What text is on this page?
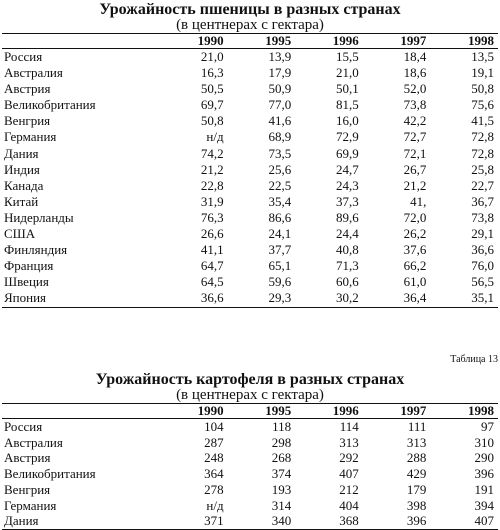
Урожайность пшеницы в разных странах
(в центнерах с гектара)
	1990	1995	1996	1997	1998
Россия	21,0	13,9	15,5	18,4	13,5
Австралия	16,3	17,9	21,0	18,6	19,1
Австрия	50,5	50,9	50,1	52,0	50,8
Великобритания	69,7	77,0	81,5	73,8	75,6
Венгрия	50,8	41,6	16,0	42,2	41,5
Германия	н/д	68,9	72,9	72,7	72,8
Дания	74,2	73,5	69,9	72,1	72,8
Индия	21,2	25,6	24,7	26,7	25,8
Канада	22,8	22,5	24,3	21,2	22,7
Китай	31,9	35,4	37,3	41,	36,7
Нидерланды	76,3	86,6	89,6	72,0	73,8
США	26,6	24,1	24,4	26,2	29,1
Финляндия	41,1	37,7	40,8	37,6	36,6
Франция	64,7	65,1	71,3	66,2	76,0
Швеция	64,5	59,6	60,6	61,0	56,5
Япония	36,6	29,3	30,2	36,4	35,1
Таблица 13
Урожайность картофеля в разных странах
(в центнерах с гектара)
	1990	1995	1996	1997	1998
Россия	104	118	114	111	97
Австралия	287	298	313	313	310
Австрия	248	268	292	288	290
Великобритания	364	374	407	429	396
Венгрия	278	193	212	179	191
Германия	н/д	314	404	398	394
Дания	371	340	368	396	407
